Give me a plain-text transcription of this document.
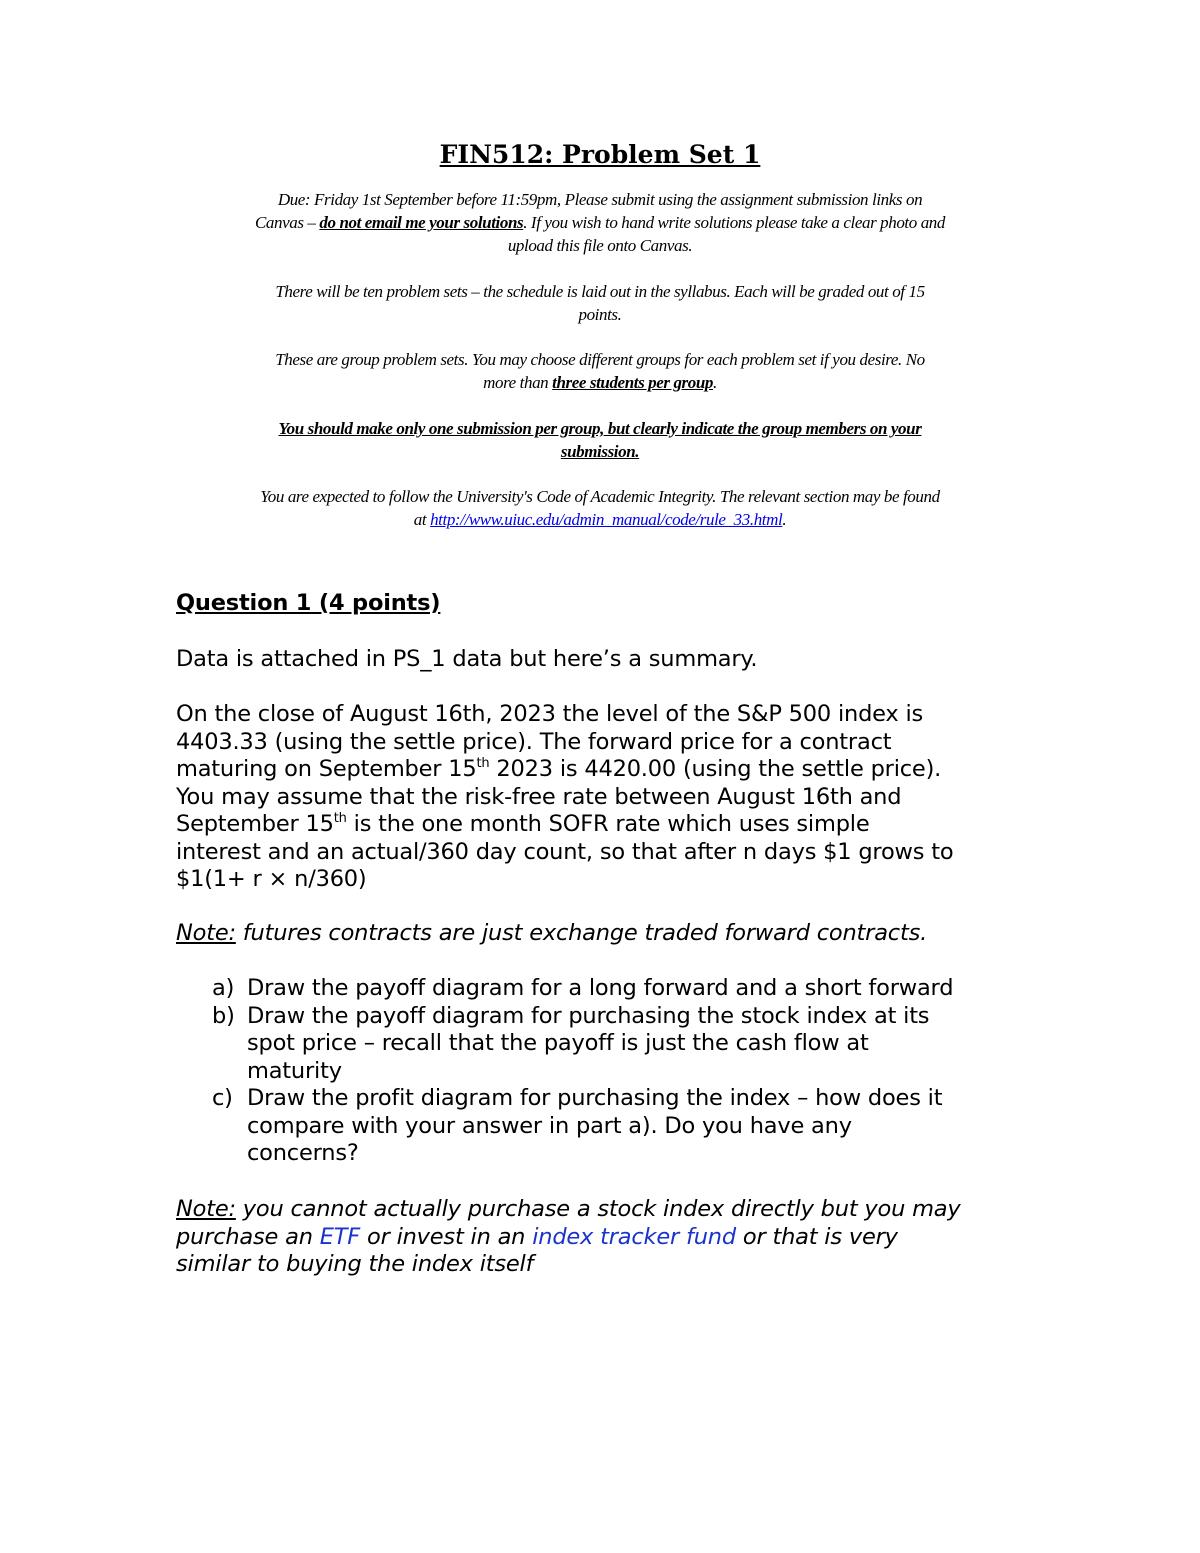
FIN512: Problem Set 1
Due: Friday 1st September before 11:59pm, Please submit using the assignment submission links on
Canvas – do not email me your solutions. If you wish to hand write solutions please take a clear photo and
upload this file onto Canvas.
There will be ten problem sets – the schedule is laid out in the syllabus. Each will be graded out of 15
points.
These are group problem sets. You may choose different groups for each problem set if you desire. No
more than three students per group.
You should make only one submission per group, but clearly indicate the group members on your
submission.
You are expected to follow the University's Code of Academic Integrity. The relevant section may be found
at http://www.uiuc.edu/admin_manual/code/rule_33.html.
Question 1 (4 points)
Data is attached in PS_1 data but here’s a summary.
On the close of August 16th, 2023 the level of the S&P 500 index is
4403.33 (using the settle price). The forward price for a contract
maturing on September 15th 2023 is 4420.00 (using the settle price).
You may assume that the risk-free rate between August 16th and
September 15th is the one month SOFR rate which uses simple
interest and an actual/360 day count, so that after n days $1 grows to
$1(1+ r × n/360)
Note: futures contracts are just exchange traded forward contracts.
a) Draw the payoff diagram for a long forward and a short forward
b) Draw the payoff diagram for purchasing the stock index at its
spot price – recall that the payoff is just the cash flow at
maturity
c) Draw the profit diagram for purchasing the index – how does it
compare with your answer in part a). Do you have any
concerns?
Note: you cannot actually purchase a stock index directly but you may
purchase an ETF or invest in an index tracker fund or that is very
similar to buying the index itself
